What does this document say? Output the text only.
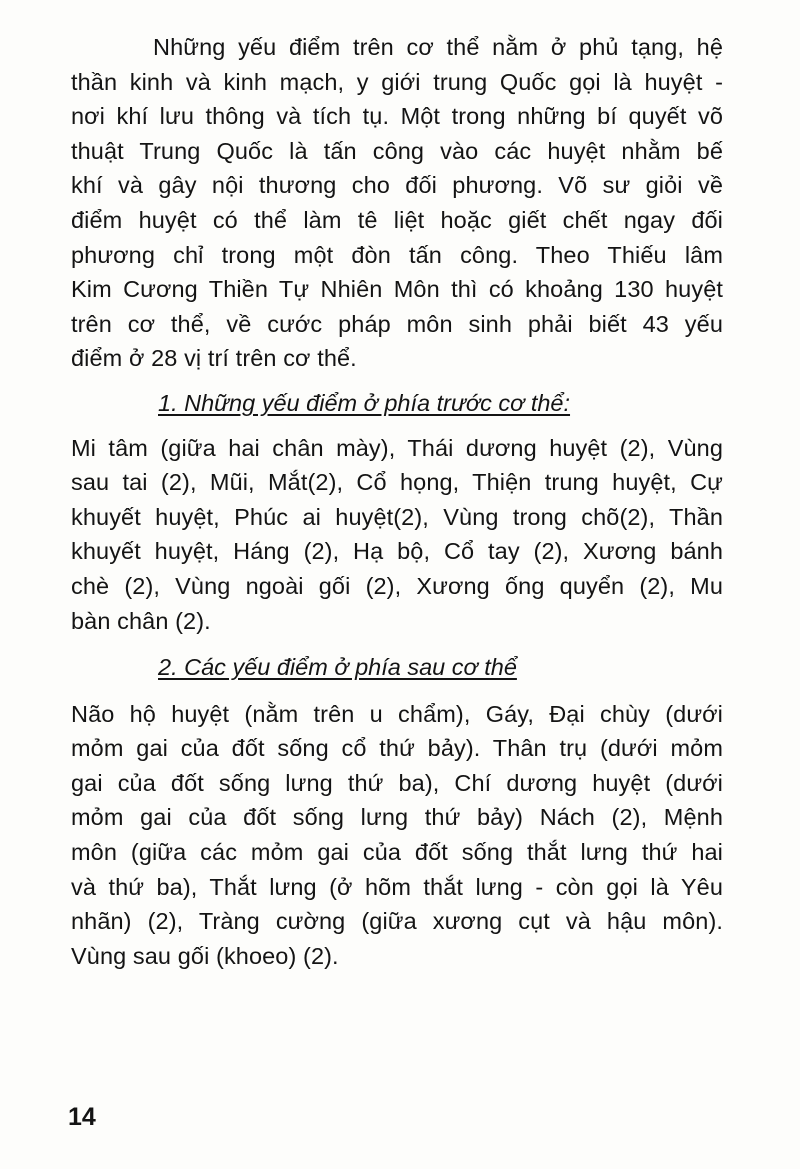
Những yếu điểm trên cơ thể nằm ở phủ tạng, hệ
thần kinh và kinh mạch, y giới trung Quốc gọi là huyệt -
nơi khí lưu thông và tích tụ. Một trong những bí quyết võ
thuật Trung Quốc là tấn công vào các huyệt nhằm bế
khí và gây nội thương cho đối phương. Võ sư giỏi về
điểm huyệt có thể làm tê liệt hoặc giết chết ngay đối
phương chỉ trong một đòn tấn công. Theo Thiếu lâm
Kim Cương Thiền Tự Nhiên Môn thì có khoảng 130 huyệt
trên cơ thể, về cước pháp môn sinh phải biết 43 yếu
điểm ở 28 vị trí trên cơ thể.

1. Những yếu điểm ở phía trước cơ thể:

Mi tâm (giữa hai chân mày), Thái dương huyệt (2), Vùng
sau tai (2), Mũi, Mắt(2), Cổ họng, Thiện trung huyệt, Cự
khuyết huyệt, Phúc ai huyệt(2), Vùng trong chõ(2), Thần
khuyết huyệt, Háng (2), Hạ bộ, Cổ tay (2), Xương bánh
chè (2), Vùng ngoài gối (2), Xương ống quyển (2), Mu
bàn chân (2).

2. Các yếu điểm ở phía sau cơ thể

Não hộ huyệt (nằm trên u chẩm), Gáy, Đại chùy (dưới
mỏm gai của đốt sống cổ thứ bảy). Thân trụ (dưới mỏm
gai của đốt sống lưng thứ ba), Chí dương huyệt (dưới
mỏm gai của đốt sống lưng thứ bảy) Nách (2), Mệnh
môn (giữa các mỏm gai của đốt sống thắt lưng thứ hai
và thứ ba), Thắt lưng (ở hõm thắt lưng - còn gọi là Yêu
nhãn) (2), Tràng cường (giữa xương cụt và hậu môn).
Vùng sau gối (khoeo) (2).

14
